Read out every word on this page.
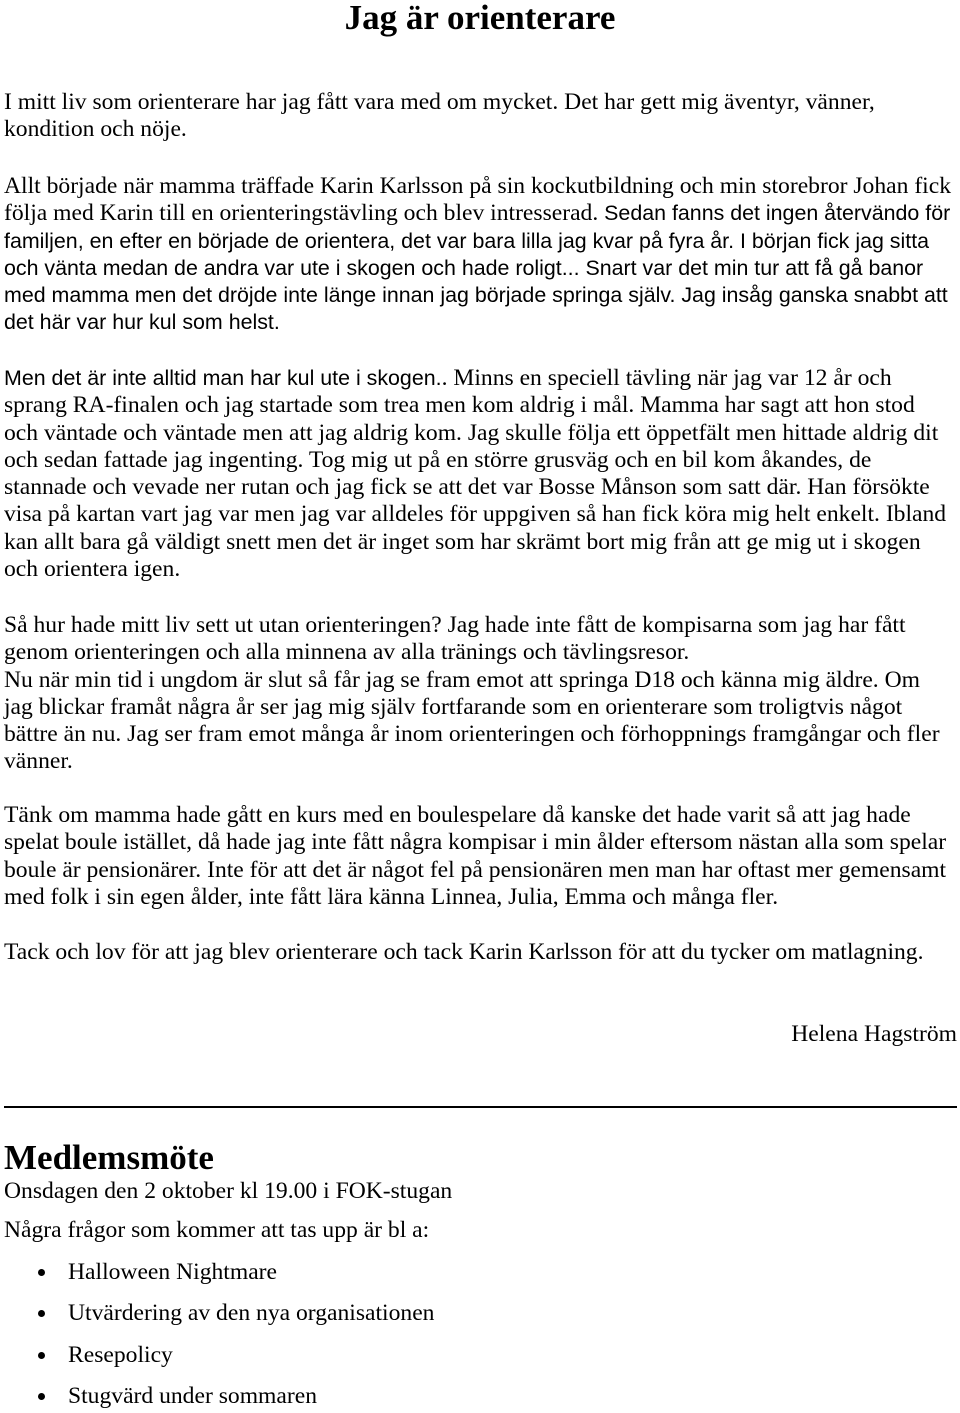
Jag är orienterare
I mitt liv som orienterare har jag fått vara med om mycket. Det har gett mig äventyr, vänner,
kondition och nöje.
Allt började när mamma träffade Karin Karlsson på sin kockutbildning och min storebror Johan fick
följa med Karin till en orienteringstävling och blev intresserad. Sedan fanns det ingen återvändo för
familjen, en efter en började de orientera, det var bara lilla jag kvar på fyra år. I början fick jag sitta
och vänta medan de andra var ute i skogen och hade roligt... Snart var det min tur att få gå banor
med mamma men det dröjde inte länge innan jag började springa själv. Jag insåg ganska snabbt att
det här var hur kul som helst.
Men det är inte alltid man har kul ute i skogen.. Minns en speciell tävling när jag var 12 år och
sprang RA-finalen och jag startade som trea men kom aldrig i mål. Mamma har sagt att hon stod
och väntade och väntade men att jag aldrig kom. Jag skulle följa ett öppetfält men hittade aldrig dit
och sedan fattade jag ingenting. Tog mig ut på en större grusväg och en bil kom åkandes, de
stannade och vevade ner rutan och jag fick se att det var Bosse Månson som satt där. Han försökte
visa på kartan vart jag var men jag var alldeles för uppgiven så han fick köra mig helt enkelt. Ibland
kan allt bara gå väldigt snett men det är inget som har skrämt bort mig från att ge mig ut i skogen
och orientera igen.
Så hur hade mitt liv sett ut utan orienteringen? Jag hade inte fått de kompisarna som jag har fått
genom orienteringen och alla minnena av alla tränings och tävlingsresor.
Nu när min tid i ungdom är slut så får jag se fram emot att springa D18 och känna mig äldre. Om
jag blickar framåt några år ser jag mig själv fortfarande som en orienterare som troligtvis något
bättre än nu. Jag ser fram emot många år inom orienteringen och förhoppnings framgångar och fler
vänner.
Tänk om mamma hade gått en kurs med en boulespelare då kanske det hade varit så att jag hade
spelat boule istället, då hade jag inte fått några kompisar i min ålder eftersom nästan alla som spelar
boule är pensionärer. Inte för att det är något fel på pensionären men man har oftast mer gemensamt
med folk i sin egen ålder, inte fått lära känna Linnea, Julia, Emma och många fler.
Tack och lov för att jag blev orienterare och tack Karin Karlsson för att du tycker om matlagning.
Helena Hagström
Medlemsmöte
Onsdagen den 2 oktober kl 19.00 i FOK-stugan
Några frågor som kommer att tas upp är bl a:
Halloween Nightmare
Utvärdering av den nya organisationen
Resepolicy
Stugvärd under sommaren
